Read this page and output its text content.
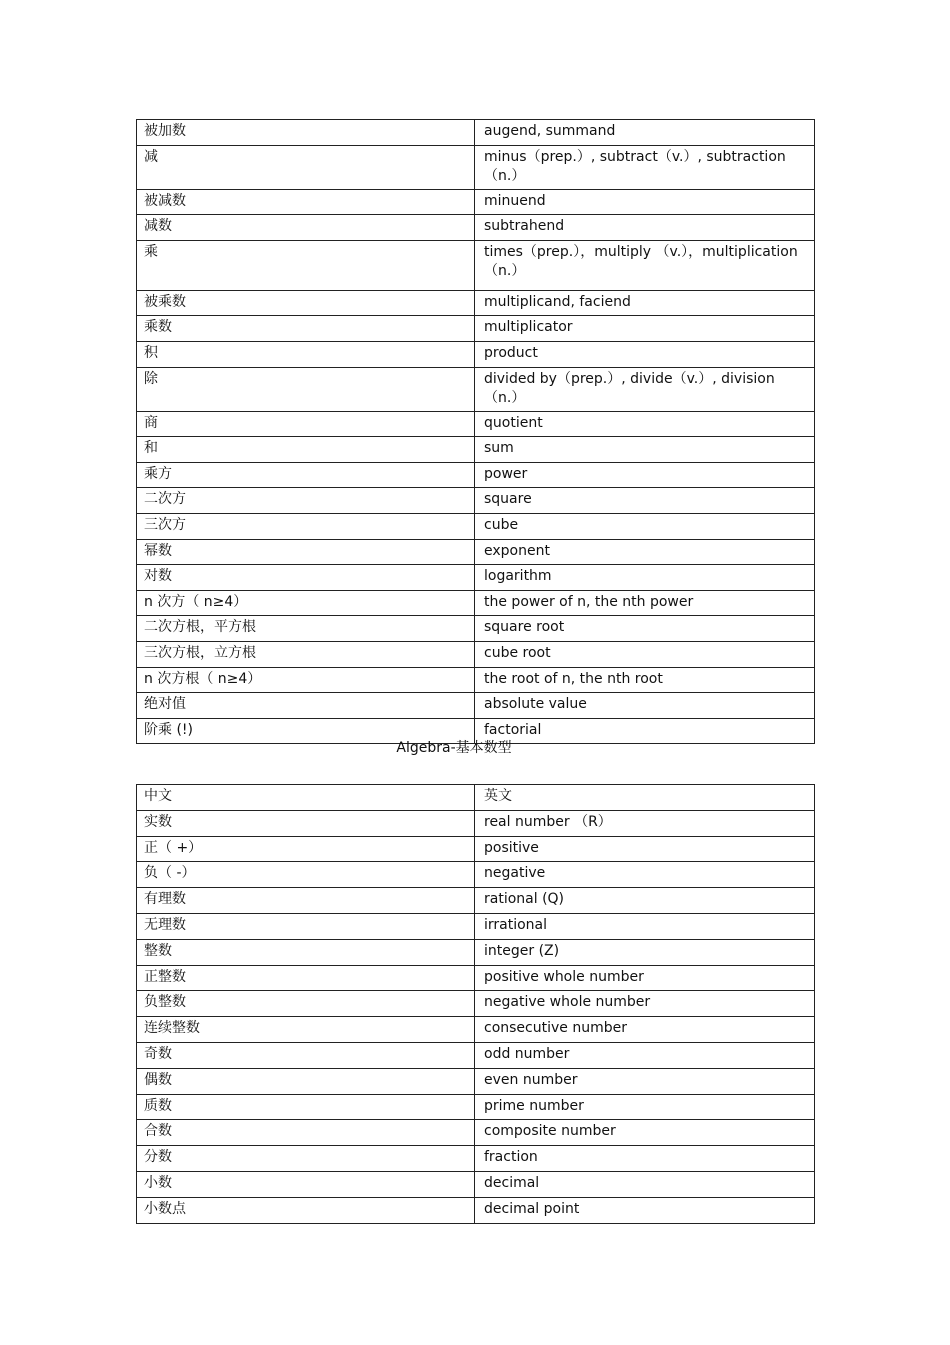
被加数	augend, summand
减	minus（prep.）, subtract（v.）, subtraction （n.）
被减数	minuend
减数	subtrahend
乘	times（prep.），multiply （v.），multiplication（n.）
被乘数	multiplicand, faciend
乘数	multiplicator
积	product
除	divided by（prep.）, divide（v.）, division（n.）
商	quotient
和	sum
乘方	power
二次方	square
三次方	cube
幂数	exponent
对数	logarithm
n 次方（ n≥4）	the power of n, the nth power
二次方根，平方根	square root
三次方根，立方根	cube root
n 次方根（ n≥4）	the root of n, the nth root
绝对值	absolute value
阶乘 (!)	factorial
Algebra-基本数型
中文	英文
实数	real number （R）
正（ +）	positive
负（ -）	negative
有理数	rational (Q)
无理数	irrational
整数	integer (Z)
正整数	positive whole number
负整数	negative whole number
连续整数	consecutive number
奇数	odd number
偶数	even number
质数	prime number
合数	composite number
分数	fraction
小数	decimal
小数点	decimal point
